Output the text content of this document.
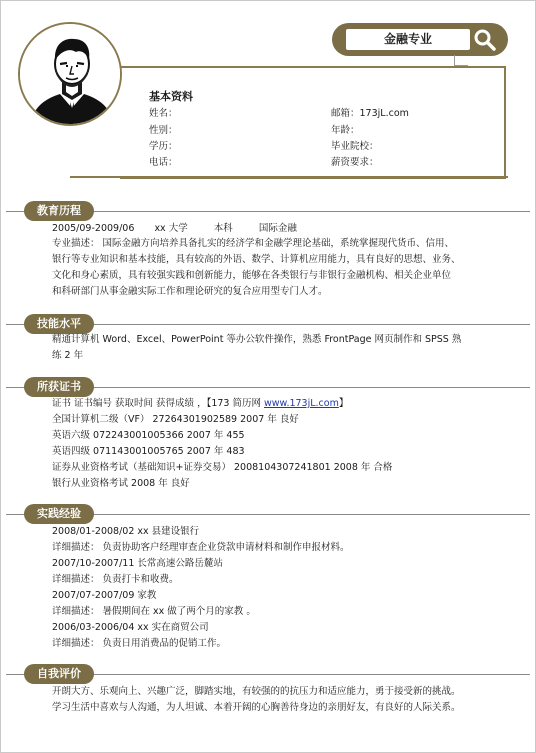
金融专业
基本资料
姓名：
性别：
学历：
电话：
邮箱：173jL.com
年龄：
毕业院校：
薪资要求：
教育历程
2005/09-2009/06 xx 大学	本科	国际金融
专业描述： 国际金融方向培养具备扎实的经济学和金融学理论基础，系统掌握现代货币、信用、
银行等专业知识和基本技能，具有较高的外语、数学、计算机应用能力，具有良好的思想、业务、
文化和身心素质，具有较强实践和创新能力，能够在各类银行与非银行金融机构、相关企业单位
和科研部门从事金融实际工作和理论研究的复合应用型专门人才。
技能水平
精通计算机 Word、Excel、PowerPoint 等办公软件操作，熟悉 FrontPage 网页制作和 SPSS 熟
练 2 年
所获证书
证书 证书编号 获取时间 获得成绩 ，【173 简历网 www.173jL.com】
全国计算机二级（VF） 27264301902589 2007 年 良好
英语六级 072243001005366 2007 年 455
英语四级 071143001005765 2007 年 483
证券从业资格考试（基础知识+证券交易） 2008104307241801 2008 年 合格
银行从业资格考试 2008 年 良好
实践经验
2008/01-2008/02 xx 县建设银行
详细描述： 负责协助客户经理审查企业贷款申请材料和制作申报材料。
2007/10-2007/11 长常高速公路岳麓站
详细描述： 负责打卡和收费。
2007/07-2007/09 家教
详细描述： 暑假期间在 xx 做了两个月的家教 。
2006/03-2006/04 xx 实在商贸公司
详细描述： 负责日用消费品的促销工作。
自我评价
开朗大方、乐观向上、兴趣广泛，脚踏实地，有较强的的抗压力和适应能力，勇于接受新的挑战。
学习生活中喜欢与人沟通，为人坦诚、本着开阔的心胸善待身边的亲朋好友，有良好的人际关系。
